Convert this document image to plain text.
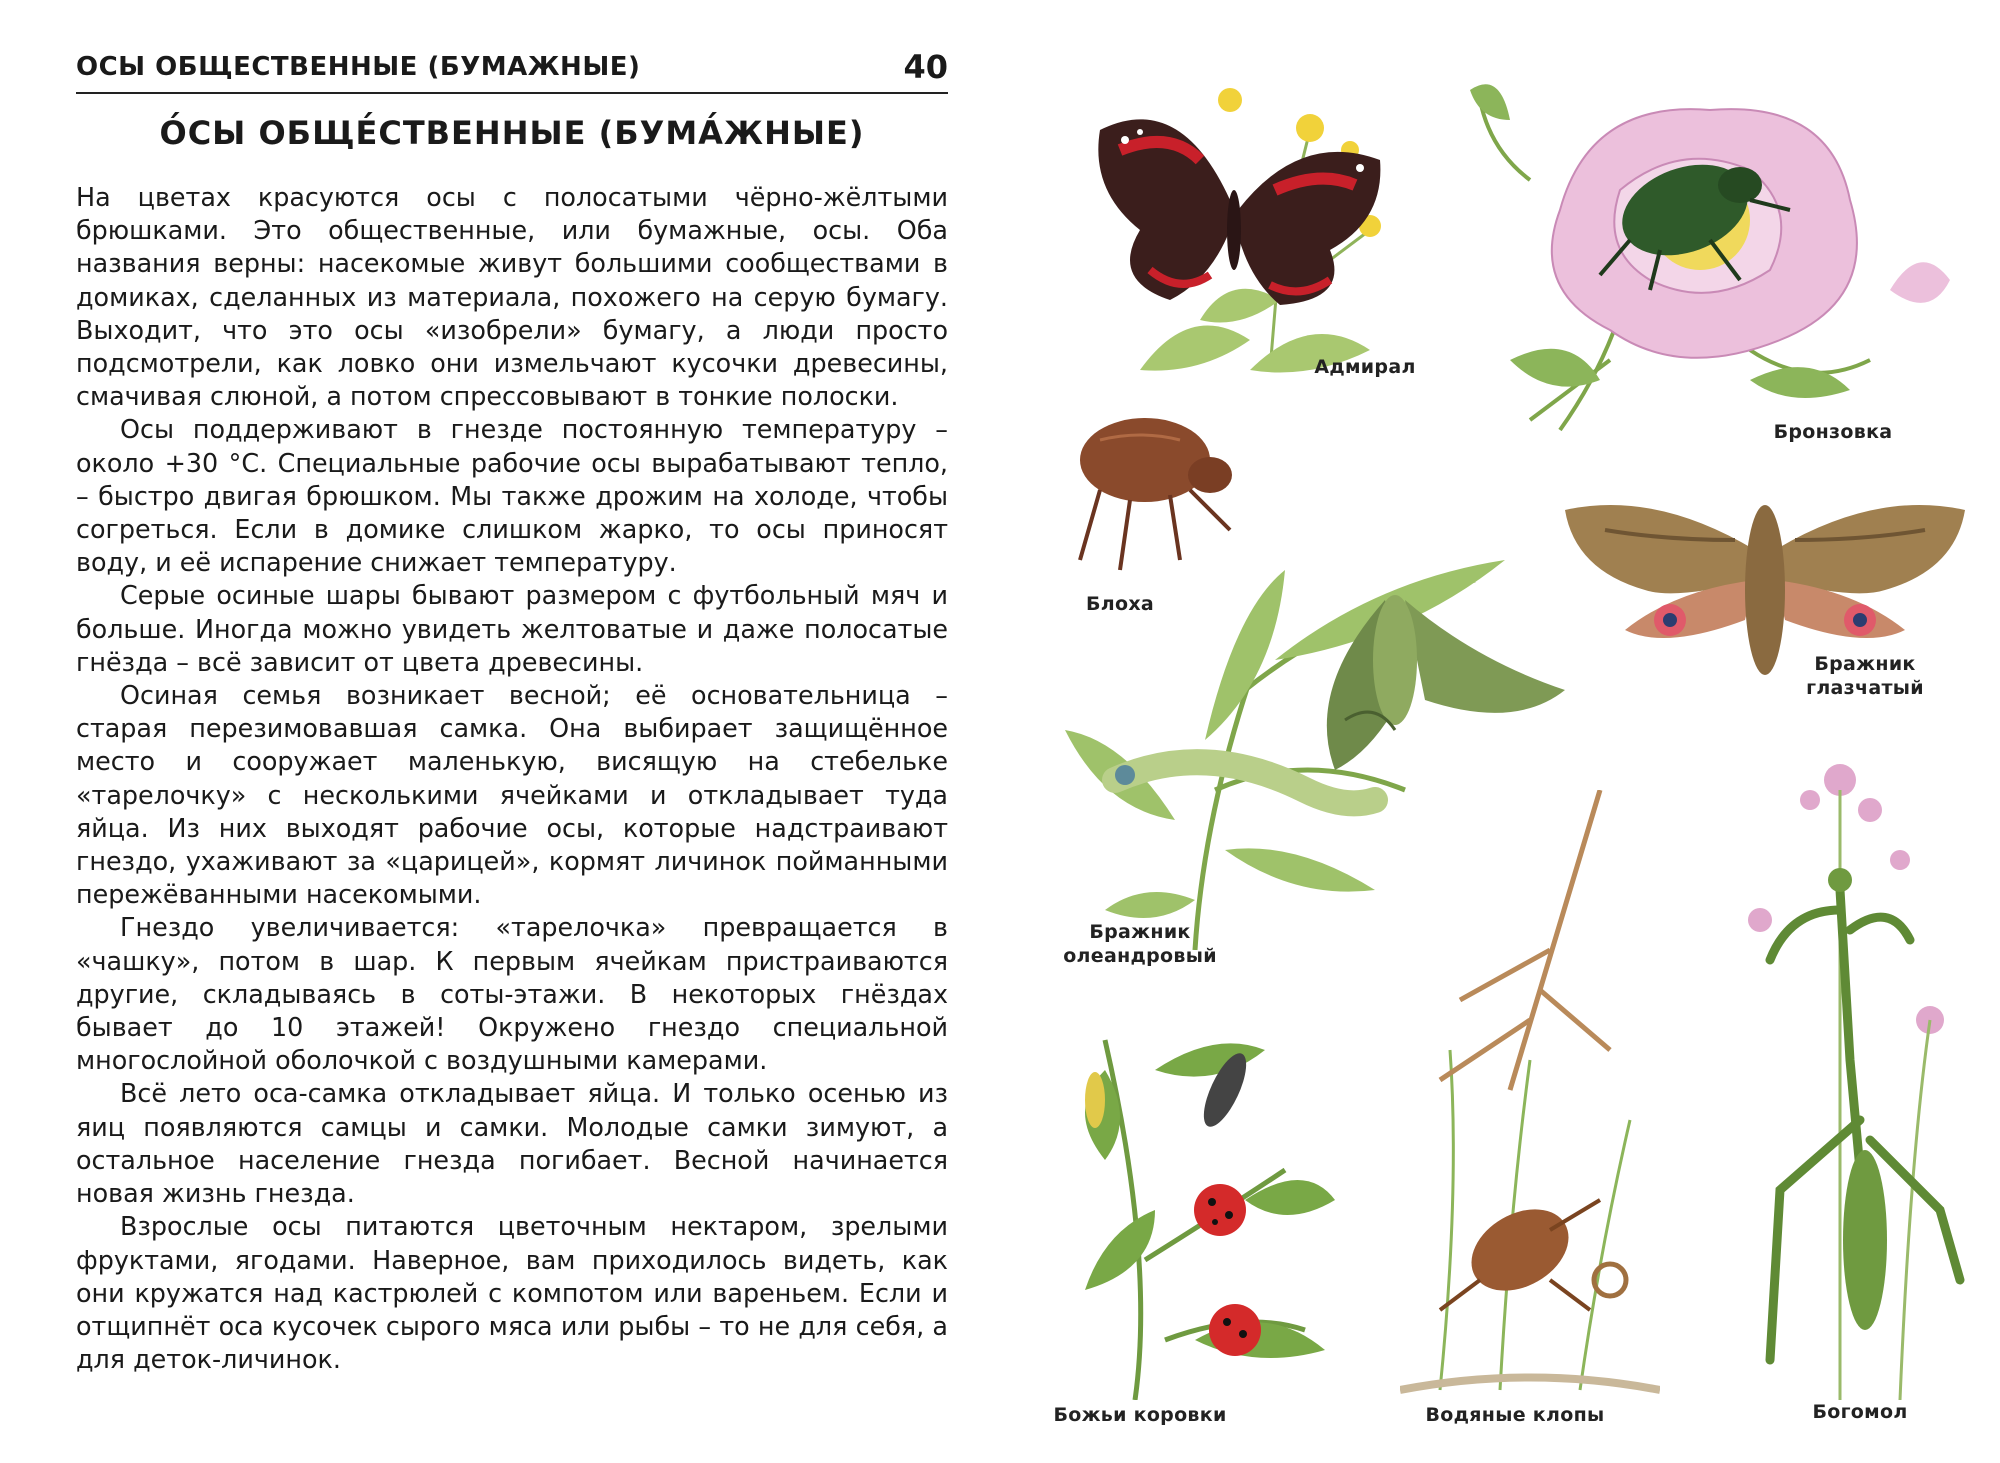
ОСЫ ОБЩЕСТВЕННЫЕ (БУМАЖНЫЕ)	40
О́СЫ ОБЩЕ́СТВЕННЫЕ (БУМА́ЖНЫЕ)

На цветах красуются осы с полосатыми чёрно-жёлтыми брюшками. Это общественные, или бумажные, осы. Оба названия верны: насекомые живут большими сообществами в домиках, сделанных из материала, похожего на серую бумагу. Выходит, что это осы «изобрели» бумагу, а люди просто подсмотрели, как ловко они измельчают кусочки древесины, смачивая слюной, а потом спрессовывают в тонкие полоски.

Осы поддерживают в гнезде постоянную температуру – около +30 °С. Специальные рабочие осы вырабатывают тепло, – быстро двигая брюшком. Мы также дрожим на холоде, чтобы согреться. Если в домике слишком жарко, то осы приносят воду, и её испарение снижает температуру.

Серые осиные шары бывают размером с футбольный мяч и больше. Иногда можно увидеть желтоватые и даже полосатые гнёзда – всё зависит от цвета древесины.

Осиная семья возникает весной; её основательница – старая перезимовавшая самка. Она выбирает защищённое место и сооружает маленькую, висящую на стебельке «тарелочку» с несколькими ячейками и откладывает туда яйца. Из них выходят рабочие осы, которые надстраивают гнездо, ухаживают за «царицей», кормят личинок пойманными пережёванными насекомыми.

Гнездо увеличивается: «тарелочка» превращается в «чашку», потом в шар. К первым ячейкам пристраиваются другие, складываясь в соты-этажи. В некоторых гнёздах бывает до 10 этажей! Окружено гнездо специальной многослойной оболочкой с воздушными камерами.

Всё лето оса-самка откладывает яйца. И только осенью из яиц появляются самцы и самки. Молодые самки зимуют, а остальное население гнезда погибает. Весной начинается новая жизнь гнезда.

Взрослые осы питаются цветочным нектаром, зрелыми фруктами, ягодами. Наверное, вам приходилось видеть, как они кружатся над кастрюлей с компотом или вареньем. Если и отщипнёт оса кусочек сырого мяса или рыбы – то не для себя, а для деток-личинок.

Адмирал
Бронзовка
Блоха
Бражник
олеандровый
Бражник
глазчатый
Божьи коровки	Водяные клопы	Богомол
